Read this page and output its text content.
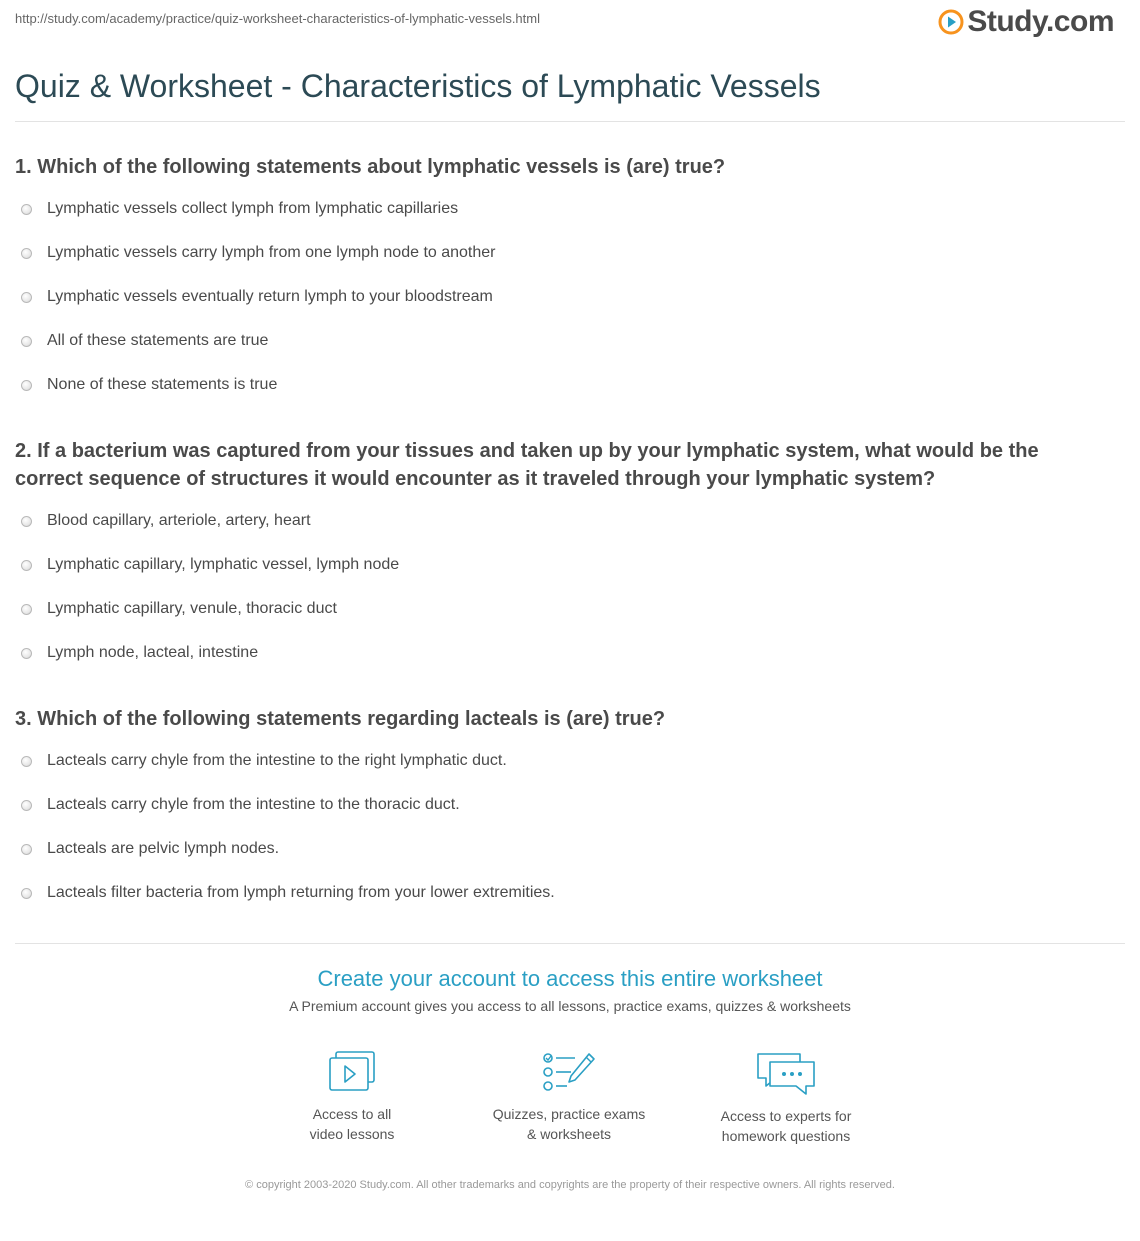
http://study.com/academy/practice/quiz-worksheet-characteristics-of-lymphatic-vessels.html	Study.com
Quiz & Worksheet - Characteristics of Lymphatic Vessels
1. Which of the following statements about lymphatic vessels is (are) true?
Lymphatic vessels collect lymph from lymphatic capillaries
Lymphatic vessels carry lymph from one lymph node to another
Lymphatic vessels eventually return lymph to your bloodstream
All of these statements are true
None of these statements is true
2. If a bacterium was captured from your tissues and taken up by your lymphatic system, what would be the correct sequence of structures it would encounter as it traveled through your lymphatic system?
Blood capillary, arteriole, artery, heart
Lymphatic capillary, lymphatic vessel, lymph node
Lymphatic capillary, venule, thoracic duct
Lymph node, lacteal, intestine
3. Which of the following statements regarding lacteals is (are) true?
Lacteals carry chyle from the intestine to the right lymphatic duct.
Lacteals carry chyle from the intestine to the thoracic duct.
Lacteals are pelvic lymph nodes.
Lacteals filter bacteria from lymph returning from your lower extremities.
Create your account to access this entire worksheet
A Premium account gives you access to all lessons, practice exams, quizzes & worksheets
Access to all
video lessons
Quizzes, practice exams
& worksheets
Access to experts for
homework questions
© copyright 2003-2020 Study.com. All other trademarks and copyrights are the property of their respective owners. All rights reserved.
